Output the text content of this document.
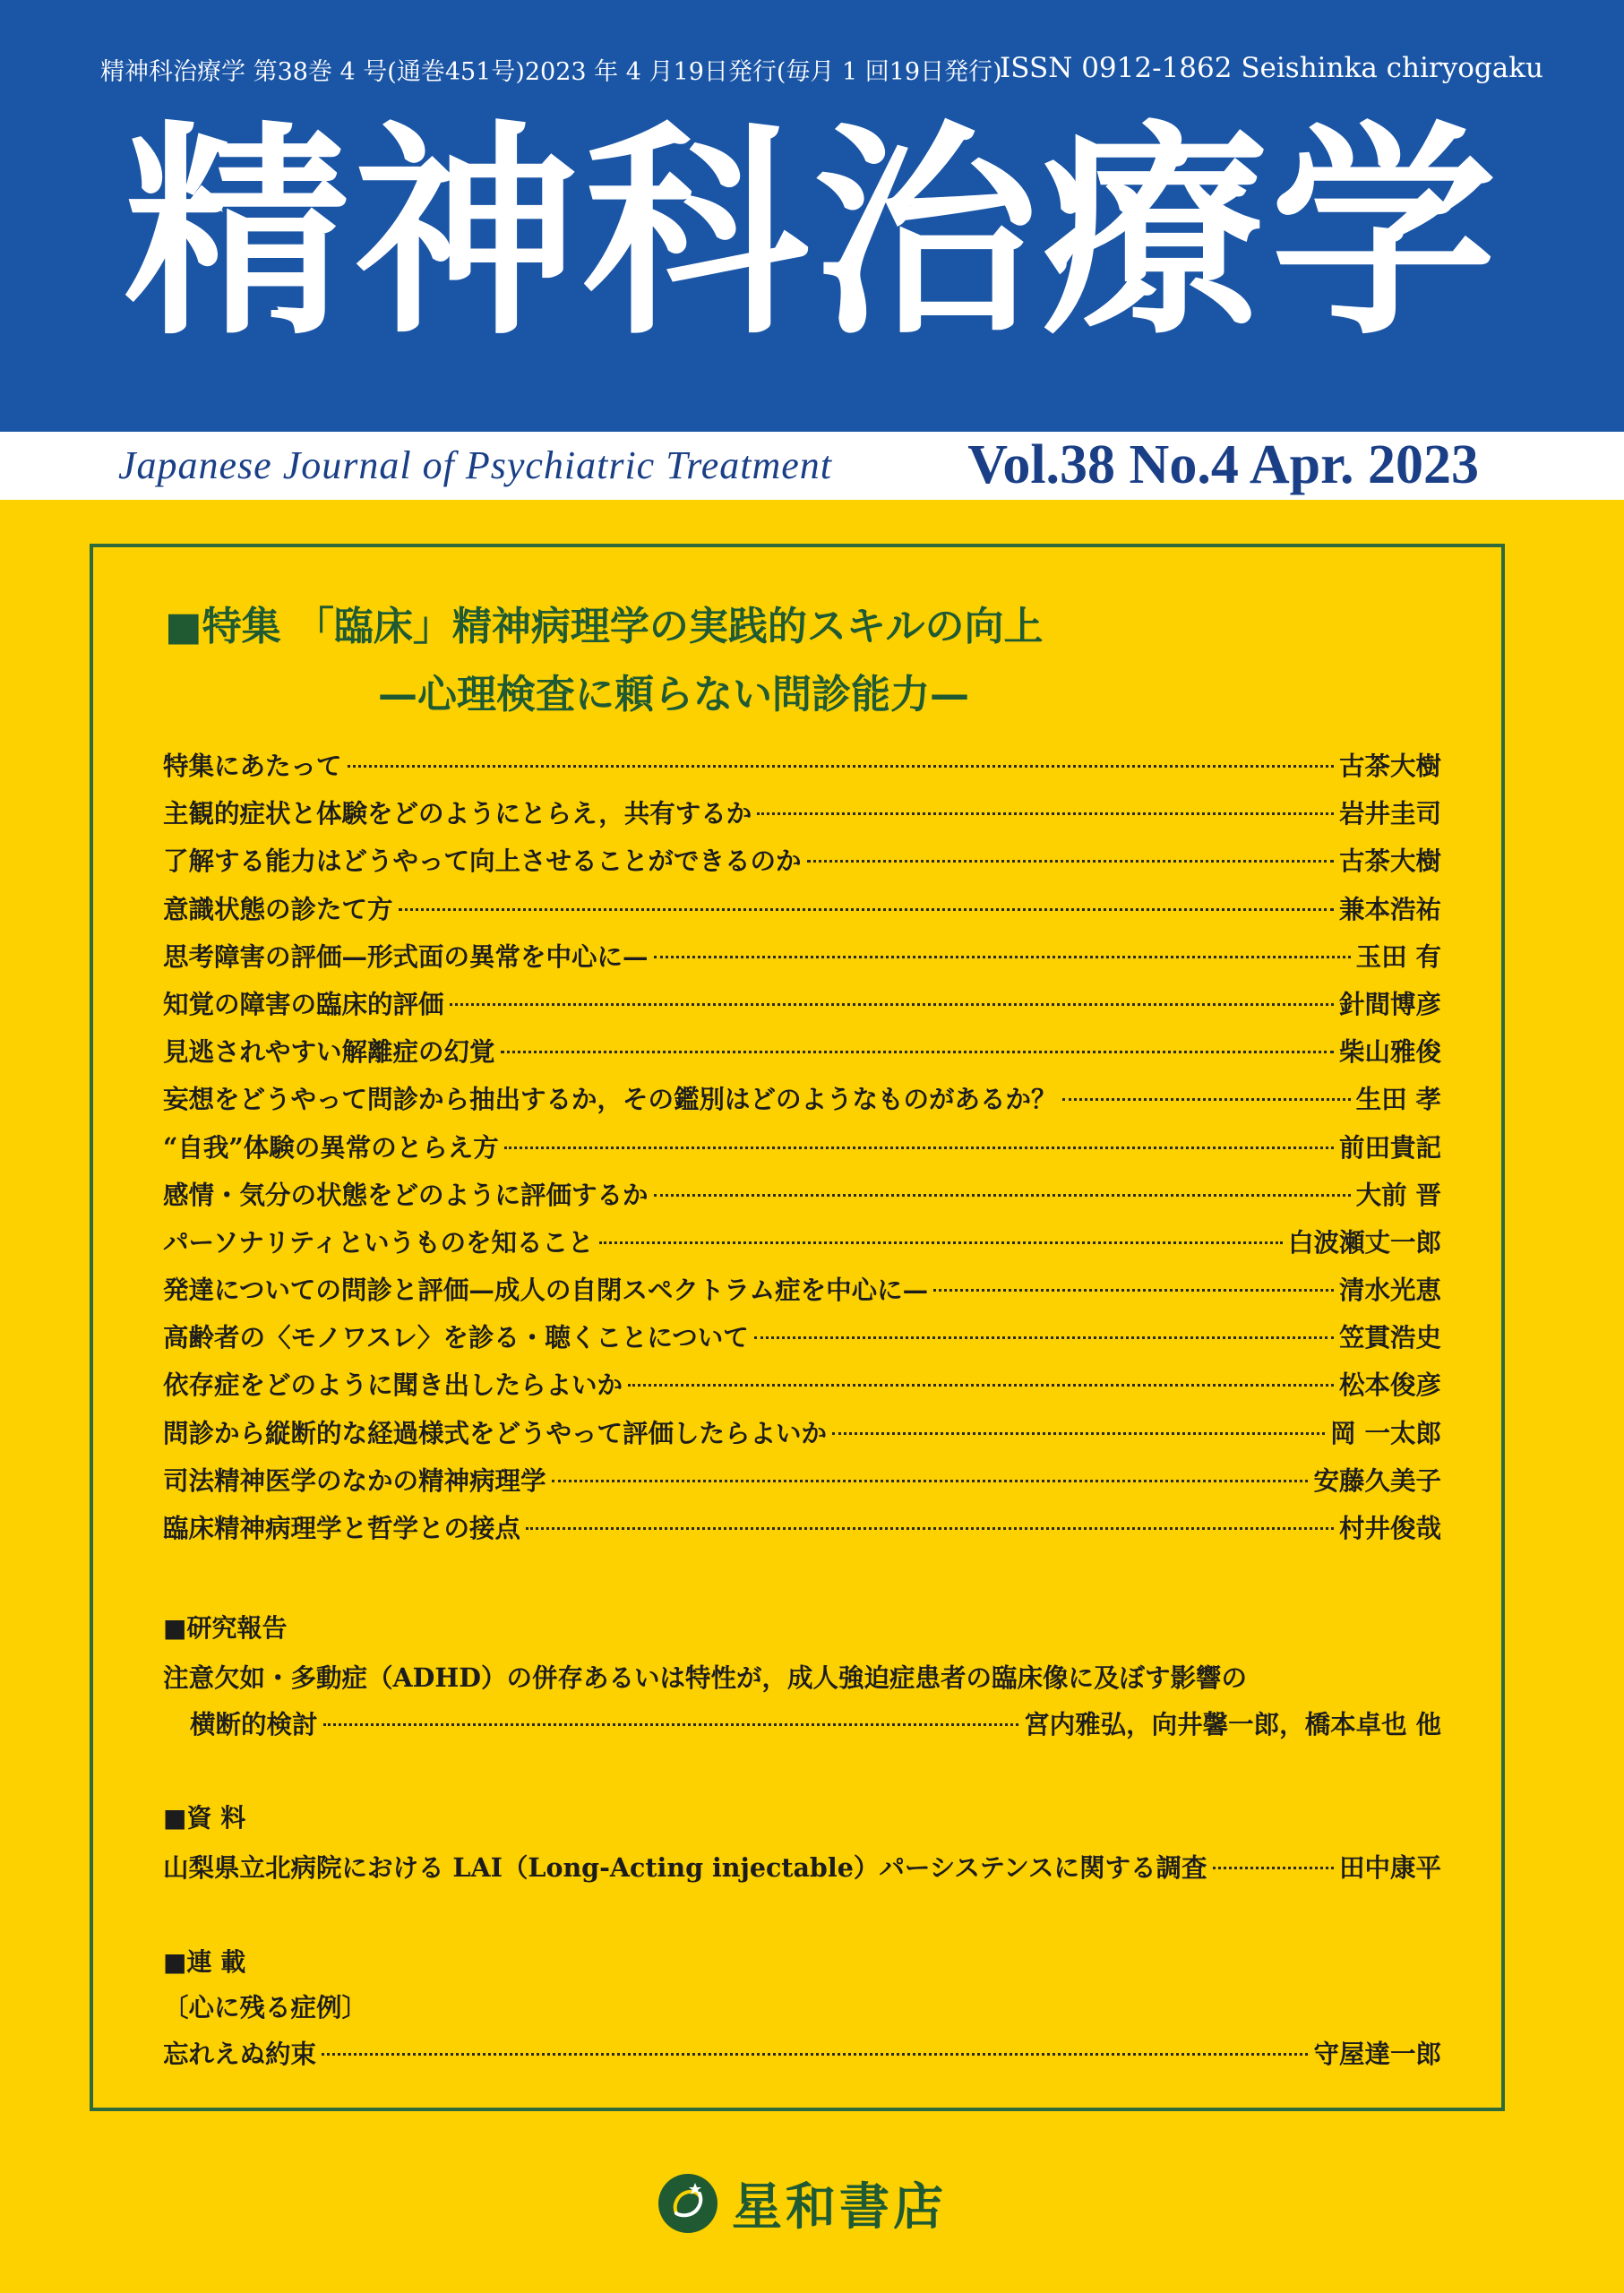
精神科治療学 第38巻 4 号(通巻451号)2023 年 4 月19日発行(毎月 1 回19日発行)
ISSN 0912-1862 Seishinka chiryogaku
精神科治療学
Japanese Journal of Psychiatric Treatment Vol.38 No.4 Apr. 2023
■特集 「臨床」精神病理学の実践的スキルの向上
—心理検査に頼らない問診能力—
特集にあたって	古茶大樹
主観的症状と体験をどのようにとらえ，共有するか	岩井圭司
了解する能力はどうやって向上させることができるのか	古茶大樹
意識状態の診たて方	兼本浩祐
思考障害の評価—形式面の異常を中心に—	玉田 有
知覚の障害の臨床的評価	針間博彦
見逃されやすい解離症の幻覚	柴山雅俊
妄想をどうやって問診から抽出するか，その鑑別はどのようなものがあるか？	生田 孝
“自我”体験の異常のとらえ方	前田貴記
感情・気分の状態をどのように評価するか	大前 晋
パーソナリティというものを知ること	白波瀬丈一郎
発達についての問診と評価—成人の自閉スペクトラム症を中心に—	清水光恵
高齢者の〈モノワスレ〉を診る・聴くことについて	笠貫浩史
依存症をどのように聞き出したらよいか	松本俊彦
問診から縦断的な経過様式をどうやって評価したらよいか	岡 一太郎
司法精神医学のなかの精神病理学	安藤久美子
臨床精神病理学と哲学との接点	村井俊哉
■研究報告
注意欠如・多動症（ADHD）の併存あるいは特性が，成人強迫症患者の臨床像に及ぼす影響の
横断的検討	宮内雅弘，向井馨一郎，橋本卓也 他
■資 料
山梨県立北病院における LAI（Long-Acting injectable）パーシステンスに関する調査	田中康平
■連 載
〔心に残る症例〕
忘れえぬ約束	守屋達一郎
星和書店
